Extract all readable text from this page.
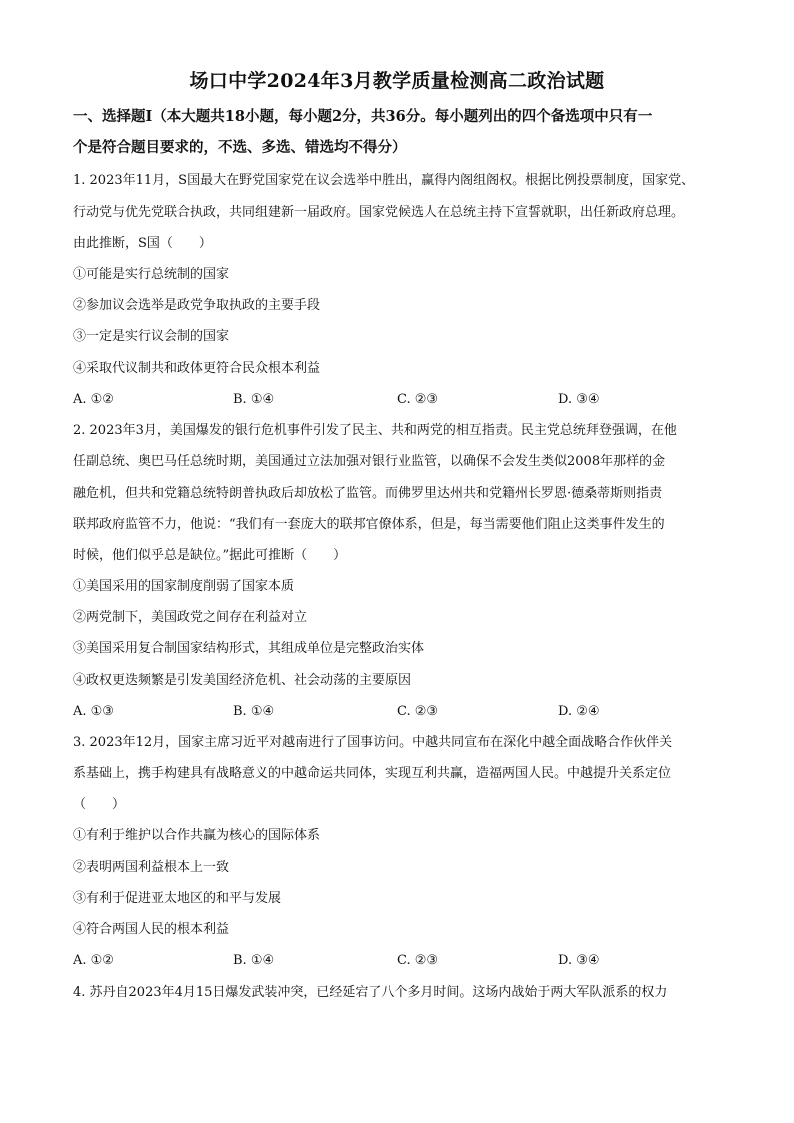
场口中学2024年3月教学质量检测高二政治试题
一、选择题Ⅰ（本大题共18小题，每小题2分，共36分。每小题列出的四个备选项中只有一
个是符合题目要求的，不选、多选、错选均不得分）
1. 2023年11月，S国最大在野党国家党在议会选举中胜出，赢得内阁组阁权。根据比例投票制度，国家党、
行动党与优先党联合执政，共同组建新一届政府。国家党候选人在总统主持下宣誓就职，出任新政府总理。
由此推断，S国（　　）
①可能是实行总统制的国家
②参加议会选举是政党争取执政的主要手段
③一定是实行议会制的国家
④采取代议制共和政体更符合民众根本利益
A. ①②	B. ①④	C. ②③	D. ③④
2. 2023年3月，美国爆发的银行危机事件引发了民主、共和两党的相互指责。民主党总统拜登强调，在他
任副总统、奥巴马任总统时期，美国通过立法加强对银行业监管，以确保不会发生类似2008年那样的金
融危机，但共和党籍总统特朗普执政后却放松了监管。而佛罗里达州共和党籍州长罗恩·德桑蒂斯则指责
联邦政府监管不力，他说：“我们有一套庞大的联邦官僚体系，但是，每当需要他们阻止这类事件发生的
时候，他们似乎总是缺位。”据此可推断（　　）
①美国采用的国家制度削弱了国家本质
②两党制下，美国政党之间存在利益对立
③美国采用复合制国家结构形式，其组成单位是完整政治实体
④政权更迭频繁是引发美国经济危机、社会动荡的主要原因
A. ①③	B. ①④	C. ②③	D. ②④
3. 2023年12月，国家主席习近平对越南进行了国事访问。中越共同宣布在深化中越全面战略合作伙伴关
系基础上，携手构建具有战略意义的中越命运共同体，实现互利共赢，造福两国人民。中越提升关系定位
（　　）
①有利于维护以合作共赢为核心的国际体系
②表明两国利益根本上一致
③有利于促进亚太地区的和平与发展
④符合两国人民的根本利益
A. ①②	B. ①④	C. ②③	D. ③④
4. 苏丹自2023年4月15日爆发武装冲突，已经延宕了八个多月时间。这场内战始于两大军队派系的权力
